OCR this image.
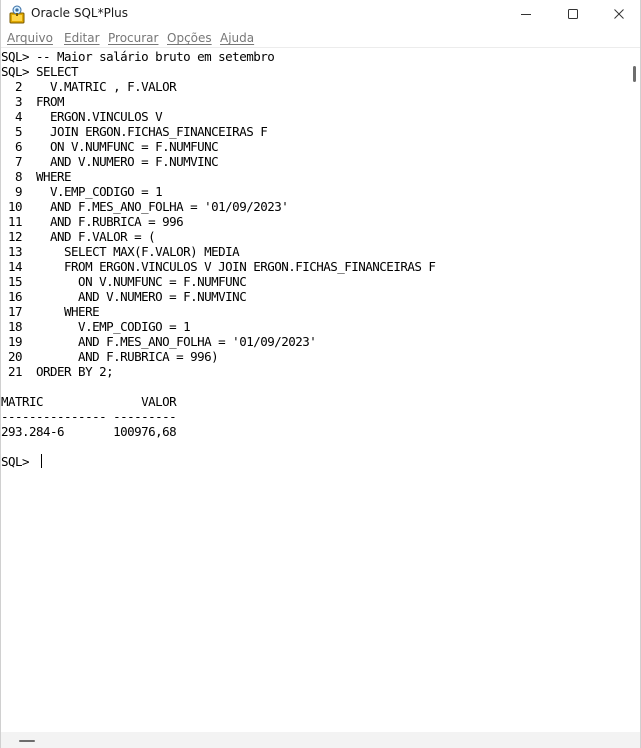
Oracle SQL*Plus
Arquivo Editar Procurar Opções Ajuda
SQL> -- Maior salário bruto em setembro
SQL> SELECT
2    V.MATRIC , F.VALOR
3  FROM
4    ERGON.VINCULOS V
5    JOIN ERGON.FICHAS_FINANCEIRAS F
6    ON V.NUMFUNC = F.NUMFUNC
7    AND V.NUMERO = F.NUMVINC
8  WHERE
9    V.EMP_CODIGO = 1
10    AND F.MES_ANO_FOLHA = '01/09/2023'
11    AND F.RUBRICA = 996
12    AND F.VALOR = (
13      SELECT MAX(F.VALOR) MEDIA
14      FROM ERGON.VINCULOS V JOIN ERGON.FICHAS_FINANCEIRAS F
15        ON V.NUMFUNC = F.NUMFUNC
16        AND V.NUMERO = F.NUMVINC
17      WHERE
18        V.EMP_CODIGO = 1
19        AND F.MES_ANO_FOLHA = '01/09/2023'
20        AND F.RUBRICA = 996)
21  ORDER BY 2;
MATRIC              VALOR
--------------- ---------
293.284-6       100976,68
SQL>
